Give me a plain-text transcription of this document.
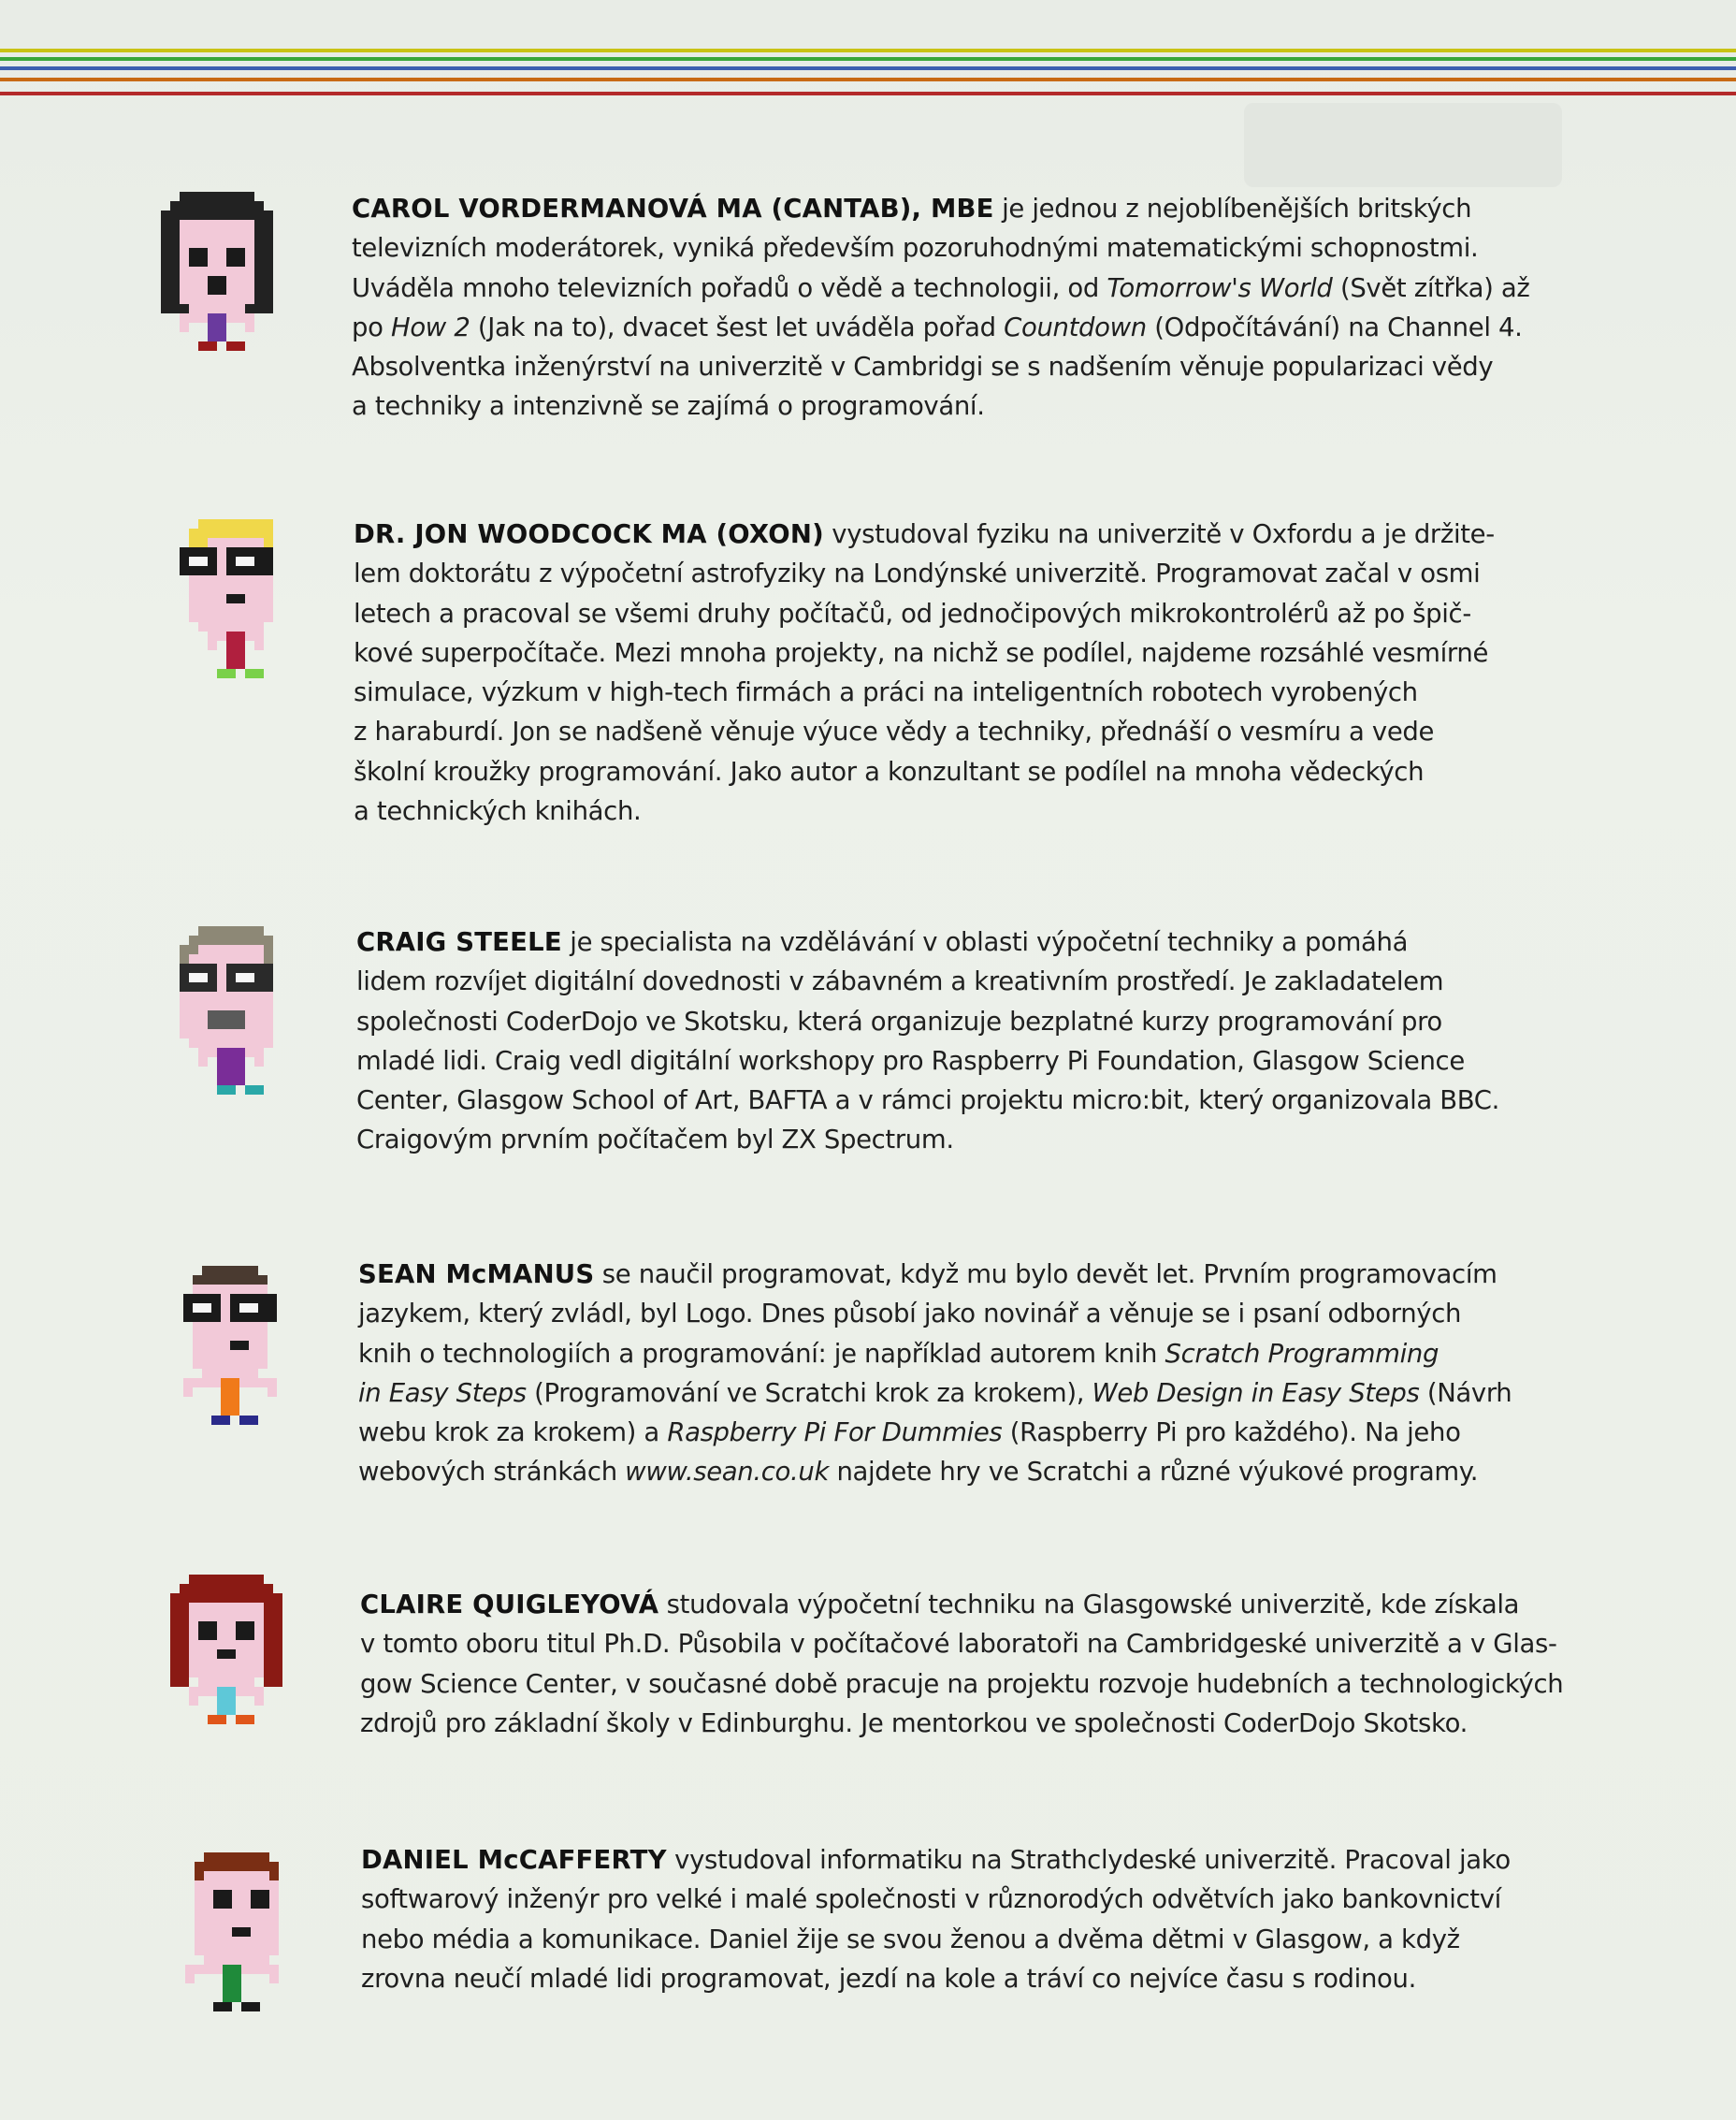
CAROL VORDERMANOVÁ MA (CANTAB), MBE je jednou z nejoblíbenějších britských
televizních moderátorek, vyniká především pozoruhodnými matematickými schopnostmi.
Uváděla mnoho televizních pořadů o vědě a technologii, od Tomorrow's World (Svět zítřka) až
po How 2 (Jak na to), dvacet šest let uváděla pořad Countdown (Odpočítávání) na Channel 4.
Absolventka inženýrství na univerzitě v Cambridgi se s nadšením věnuje popularizaci vědy
a techniky a intenzivně se zajímá o programování.

DR. JON WOODCOCK MA (OXON) vystudoval fyziku na univerzitě v Oxfordu a je držite-
lem doktorátu z výpočetní astrofyziky na Londýnské univerzitě. Programovat začal v osmi
letech a pracoval se všemi druhy počítačů, od jednočipových mikrokontrolérů až po špič-
kové superpočítače. Mezi mnoha projekty, na nichž se podílel, najdeme rozsáhlé vesmírné
simulace, výzkum v high-tech firmách a práci na inteligentních robotech vyrobených
z haraburdí. Jon se nadšeně věnuje výuce vědy a techniky, přednáší o vesmíru a vede
školní kroužky programování. Jako autor a konzultant se podílel na mnoha vědeckých
a technických knihách.

CRAIG STEELE je specialista na vzdělávání v oblasti výpočetní techniky a pomáhá
lidem rozvíjet digitální dovednosti v zábavném a kreativním prostředí. Je zakladatelem
společnosti CoderDojo ve Skotsku, která organizuje bezplatné kurzy programování pro
mladé lidi. Craig vedl digitální workshopy pro Raspberry Pi Foundation, Glasgow Science
Center, Glasgow School of Art, BAFTA a v rámci projektu micro:bit, který organizovala BBC.
Craigovým prvním počítačem byl ZX Spectrum.

SEAN McMANUS se naučil programovat, když mu bylo devět let. Prvním programovacím
jazykem, který zvládl, byl Logo. Dnes působí jako novinář a věnuje se i psaní odborných
knih o technologiích a programování: je například autorem knih Scratch Programming
in Easy Steps (Programování ve Scratchi krok za krokem), Web Design in Easy Steps (Návrh
webu krok za krokem) a Raspberry Pi For Dummies (Raspberry Pi pro každého). Na jeho
webových stránkách www.sean.co.uk najdete hry ve Scratchi a různé výukové programy.

CLAIRE QUIGLEYOVÁ studovala výpočetní techniku na Glasgowské univerzitě, kde získala
v tomto oboru titul Ph.D. Působila v počítačové laboratoři na Cambridgeské univerzitě a v Glas-
gow Science Center, v současné době pracuje na projektu rozvoje hudebních a technologických
zdrojů pro základní školy v Edinburghu. Je mentorkou ve společnosti CoderDojo Skotsko.

DANIEL McCAFFERTY vystudoval informatiku na Strathclydeské univerzitě. Pracoval jako
softwarový inženýr pro velké i malé společnosti v různorodých odvětvích jako bankovnictví
nebo média a komunikace. Daniel žije se svou ženou a dvěma dětmi v Glasgow, a když
zrovna neučí mladé lidi programovat, jezdí na kole a tráví co nejvíce času s rodinou.
